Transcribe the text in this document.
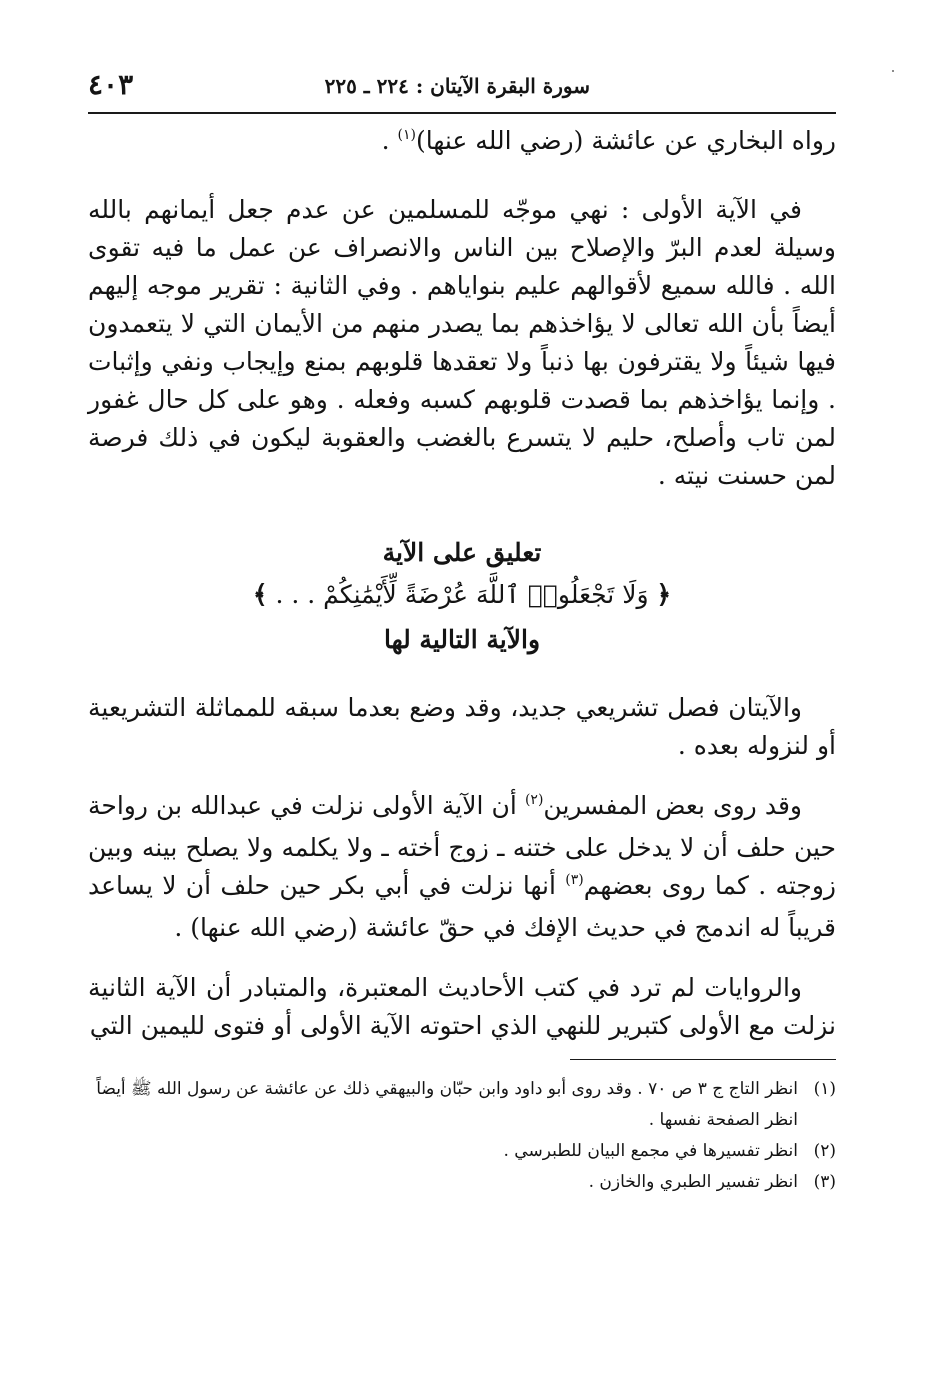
سورة البقرة الآيتان : ٢٢٤ ـ ٢٢٥
٤٠٣

رواه البخاري عن عائشة (رضي الله عنها)$^{(١)}$ .

في الآية الأولى : نهي موجّه للمسلمين عن عدم جعل أيمانهم بالله وسيلة لعدم البرّ والإصلاح بين الناس والانصراف عن عمل ما فيه تقوى الله . فالله سميع لأقوالهم عليم بنواياهم . وفي الثانية : تقرير موجه إليهم أيضاً بأن الله تعالى لا يؤاخذهم بما يصدر منهم من الأيمان التي لا يتعمدون فيها شيئاً ولا يقترفون بها ذنباً ولا تعقدها قلوبهم بمنع وإيجاب ونفي وإثبات . وإنما يؤاخذهم بما قصدت قلوبهم كسبه وفعله . وهو على كل حال غفور لمن تاب وأصلح، حليم لا يتسرع بالغضب والعقوبة ليكون في ذلك فرصة لمن حسنت نيته .

تعليق على الآية
﴿ وَلَا تَجْعَلُوا۟ ٱللَّهَ عُرْضَةً لِّأَيْمَٰنِكُمْ . . . ﴾
والآية التالية لها

والآيتان فصل تشريعي جديد، وقد وضع بعدما سبقه للمماثلة التشريعية أو لنزوله بعده .

وقد روى بعض المفسرين$^{(٢)}$ أن الآية الأولى نزلت في عبدالله بن رواحة حين حلف أن لا يدخل على ختنه ـ زوج أخته ـ ولا يكلمه ولا يصلح بينه وبين زوجته . كما روى بعضهم$^{(٣)}$ أنها نزلت في أبي بكر حين حلف أن لا يساعد قريباً له اندمج في حديث الإفك في حقّ عائشة (رضي الله عنها) .

والروايات لم ترد في كتب الأحاديث المعتبرة، والمتبادر أن الآية الثانية نزلت مع الأولى كتبرير للنهي الذي احتوته الآية الأولى أو فتوى لليمين التي

(١)
انظر التاج ج ٣ ص ٧٠ . وقد روى أبو داود وابن حبّان والبيهقي ذلك عن عائشة عن رسول الله ﷺ أيضاً انظر الصفحة نفسها .
(٢)
انظر تفسيرها في مجمع البيان للطبرسي .
(٣)
انظر تفسير الطبري والخازن .
